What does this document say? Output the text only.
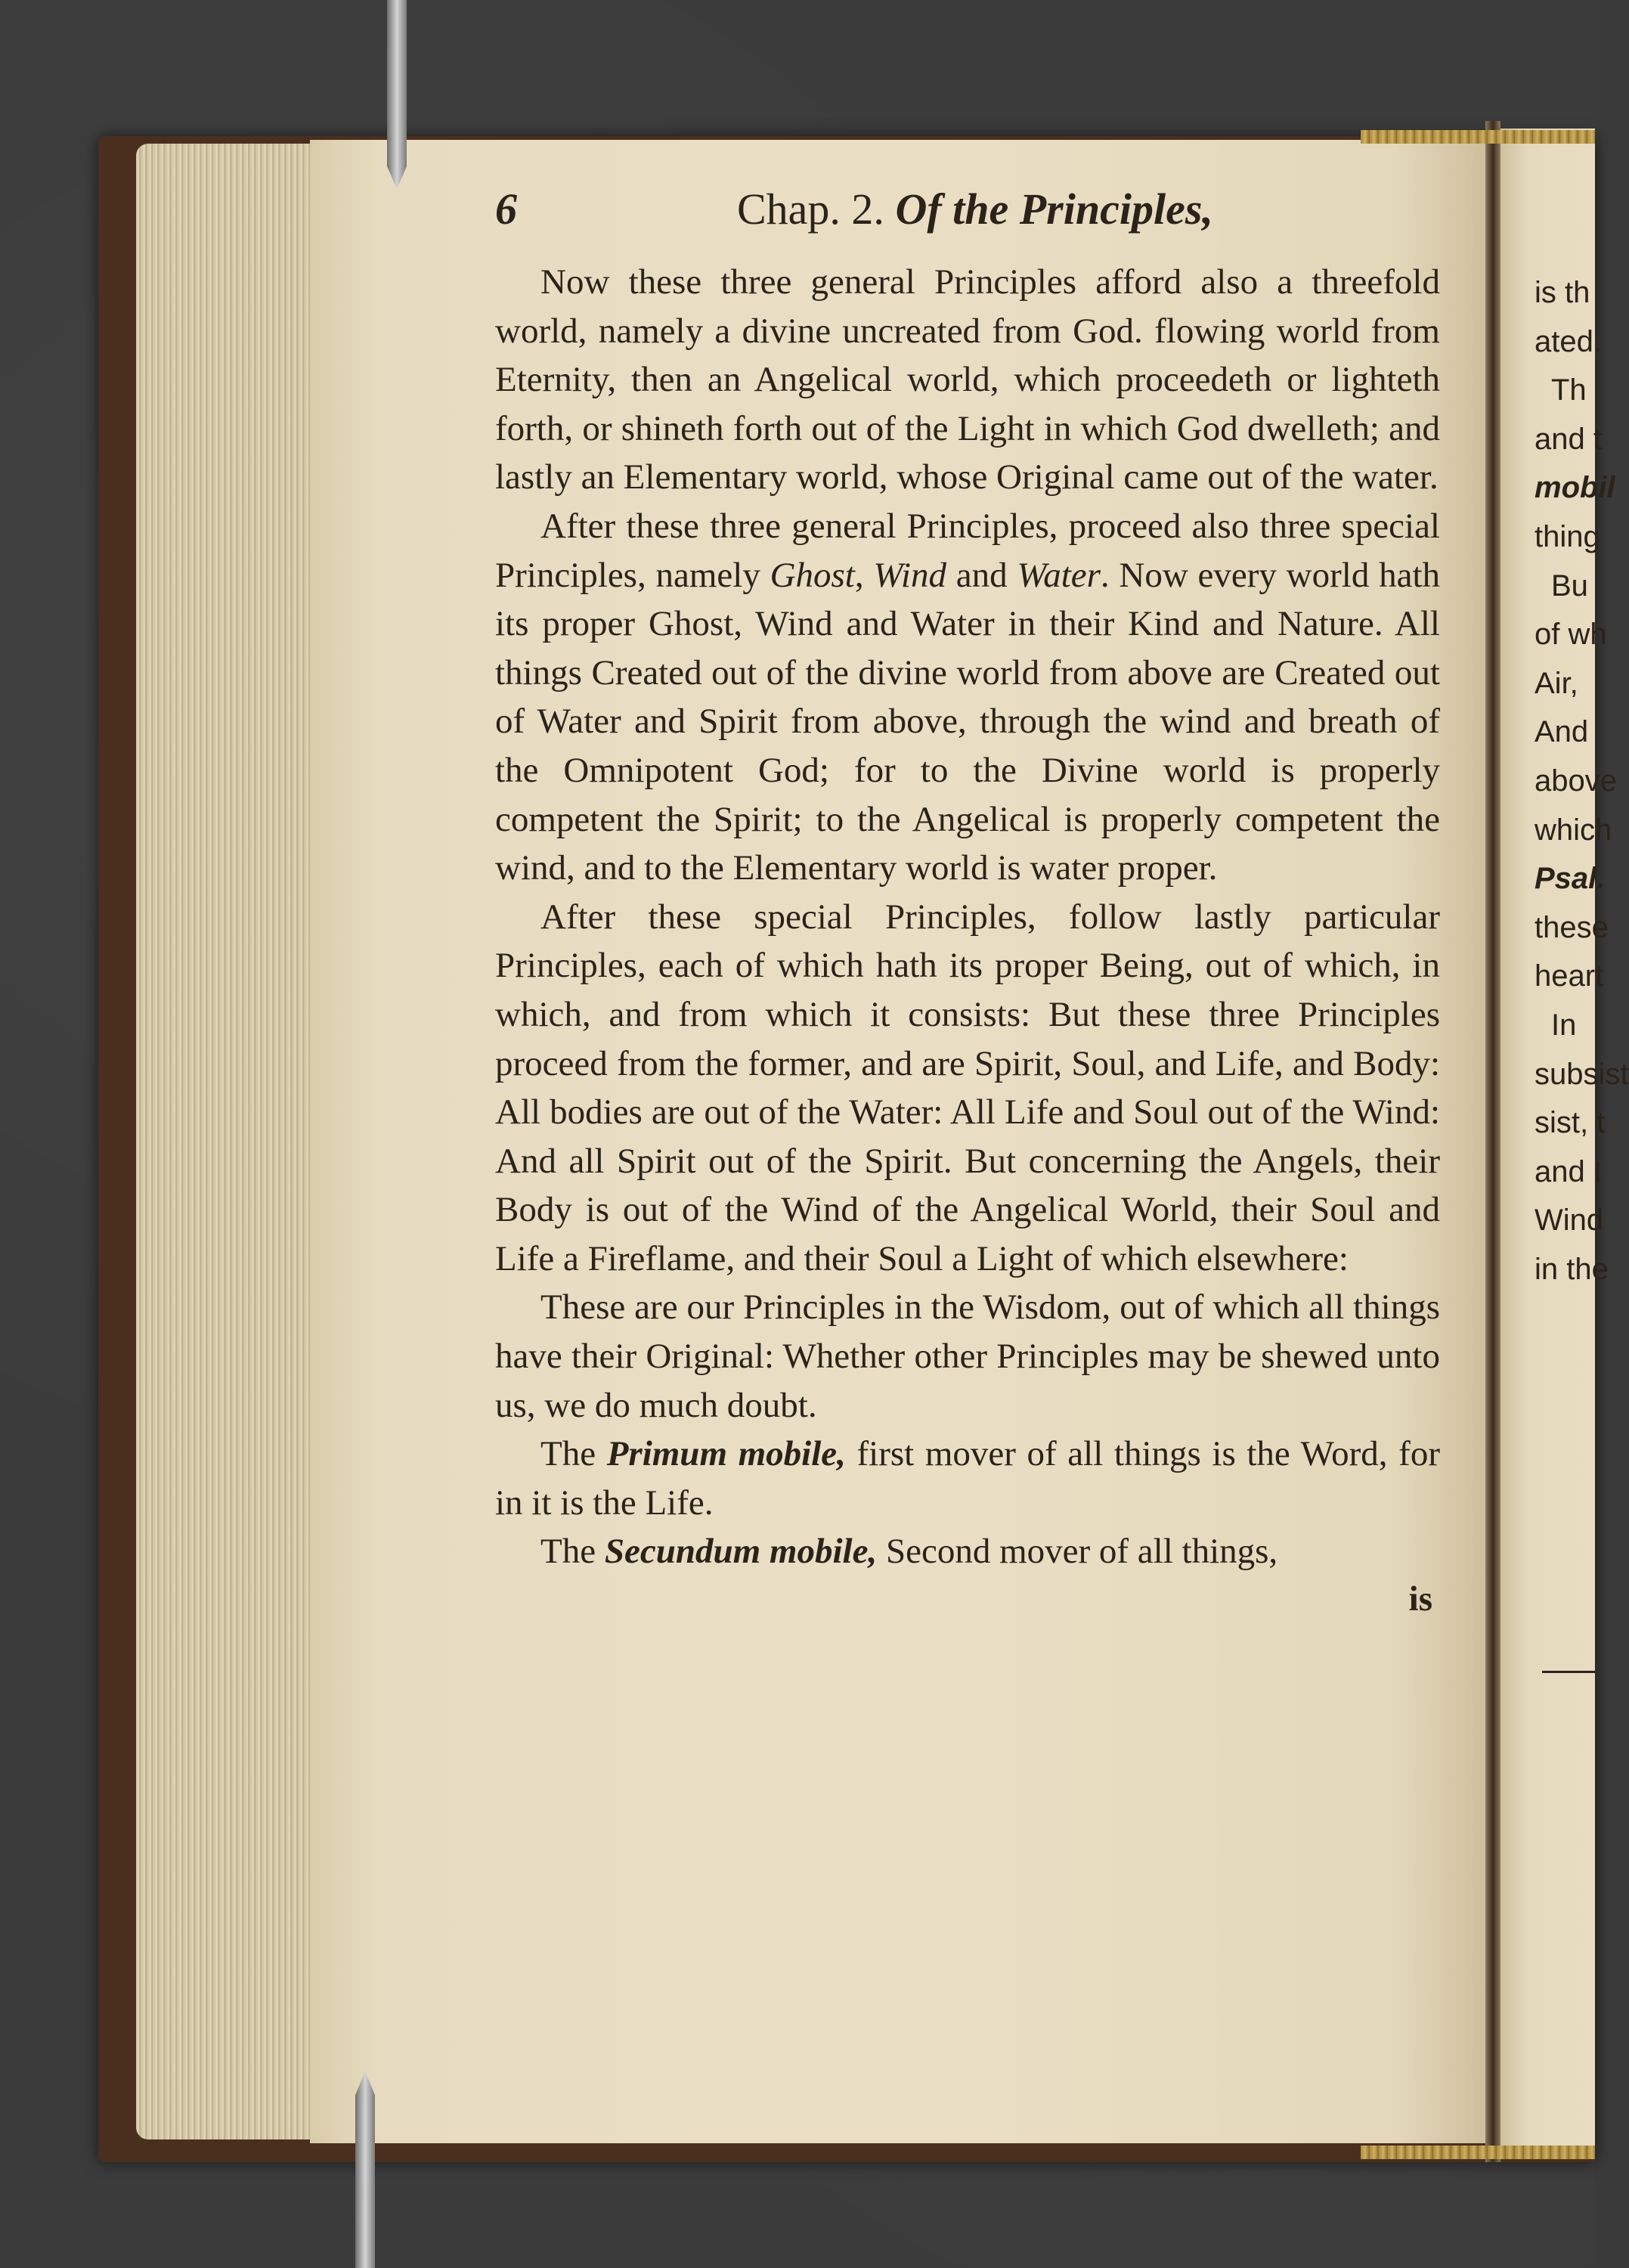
6	Chap. 2. Of the Principles,

Now these three general Principles afford also a threefold world, namely a divine uncreated from God. flowing world from Eternity, then an Angelical world, which proceedeth or lighteth forth, or shineth forth out of the Light in which God dwelleth; and lastly an Elementary world, whose Original came out of the water.

After these three general Principles, proceed also three special Principles, namely Ghost, Wind and Water. Now every world hath its proper Ghost, Wind and Water in their Kind and Nature. All things Created out of the divine world from above are Created out of Water and Spirit from above, through the wind and breath of the Omnipotent God; for to the Divine world is properly competent the Spirit; to the Angelical is properly competent the wind, and to the Elementary world is water proper.

After these special Principles, follow lastly particular Principles, each of which hath its proper Being, out of which, in which, and from which it consists: But these three Principles proceed from the former, and are Spirit, Soul, and Life, and Body: All bodies are out of the Water: All Life and Soul out of the Wind: And all Spirit out of the Spirit. But concerning the Angels, their Body is out of the Wind of the Angelical World, their Soul and Life a Fireflame, and their Soul a Light of which elsewhere:

These are our Principles in the Wisdom, out of which all things have their Original: Whether other Principles may be shewed unto us, we do much doubt.

The Primum mobile, first mover of all things is the Word, for in it is the Life.

The Secundum mobile, Second mover of all things,

is
is th
ated.
Th
and t
mobil
thing
Bu
of wh
Air,
And
above
which
Psal.
these
heart
In
subsist
sist, t
and I
Wind
in the
